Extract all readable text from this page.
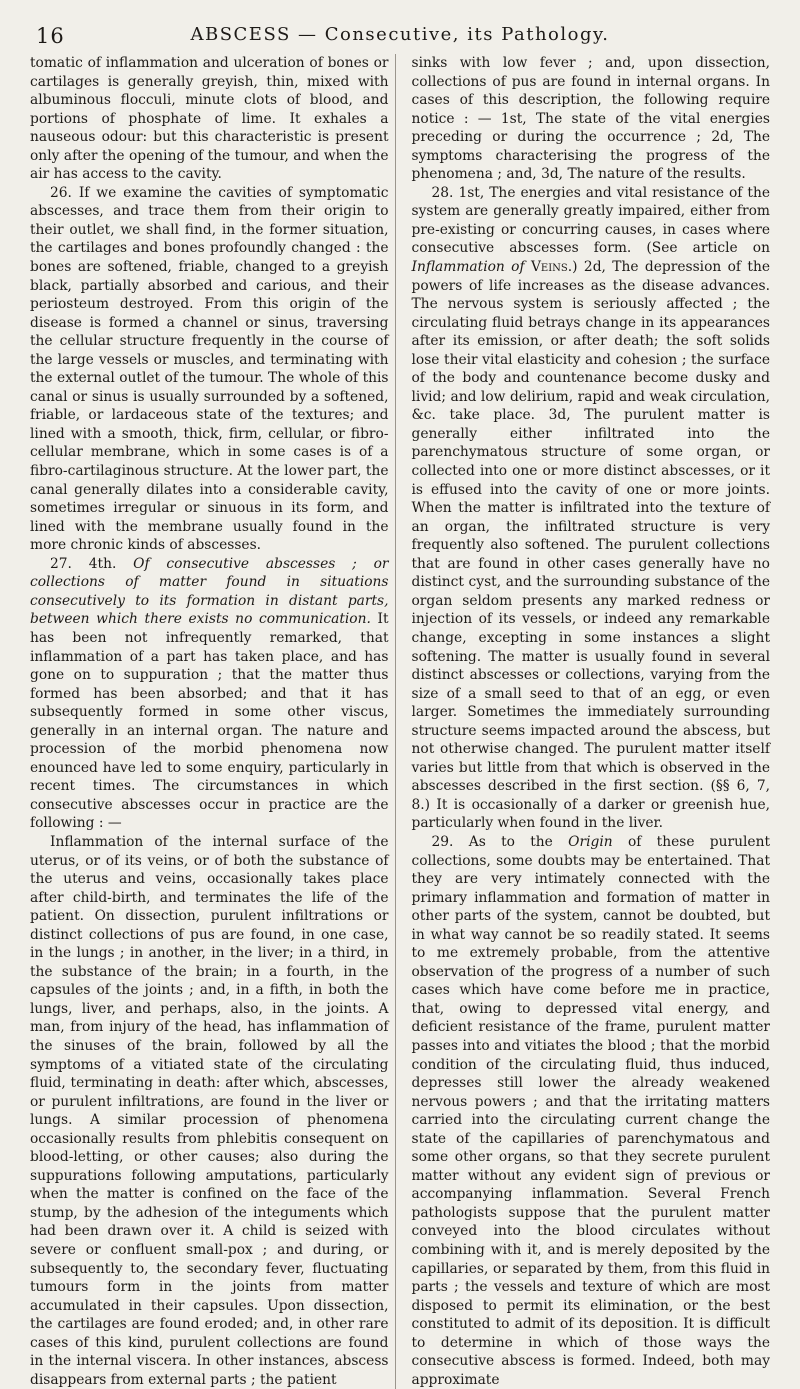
16	ABSCESS — Consecutive, its Pathology.

tomatic of inflammation and ulceration of bones or cartilages is generally greyish, thin, mixed with albuminous flocculi, minute clots of blood, and portions of phosphate of lime. It exhales a nauseous odour: but this characteristic is present only after the opening of the tumour, and when the air has access to the cavity.

26. If we examine the cavities of symptomatic abscesses, and trace them from their origin to their outlet, we shall find, in the former situation, the cartilages and bones profoundly changed : the bones are softened, friable, changed to a greyish black, partially absorbed and carious, and their periosteum destroyed. From this origin of the disease is formed a channel or sinus, traversing the cellular structure frequently in the course of the large vessels or muscles, and terminating with the external outlet of the tumour. The whole of this canal or sinus is usually surrounded by a softened, friable, or lardaceous state of the textures; and lined with a smooth, thick, firm, cellular, or fibro-cellular membrane, which in some cases is of a fibro-cartilaginous structure. At the lower part, the canal generally dilates into a considerable cavity, sometimes irregular or sinuous in its form, and lined with the membrane usually found in the more chronic kinds of abscesses.

27. 4th. Of consecutive abscesses ; or collections of matter found in situations consecutively to its formation in distant parts, between which there exists no communication. It has been not infrequently remarked, that inflammation of a part has taken place, and has gone on to suppuration ; that the matter thus formed has been absorbed; and that it has subsequently formed in some other viscus, generally in an internal organ. The nature and procession of the morbid phenomena now enounced have led to some enquiry, particularly in recent times. The circumstances in which consecutive abscesses occur in practice are the following : —

Inflammation of the internal surface of the uterus, or of its veins, or of both the substance of the uterus and veins, occasionally takes place after child-birth, and terminates the life of the patient. On dissection, purulent infiltrations or distinct collections of pus are found, in one case, in the lungs ; in another, in the liver; in a third, in the substance of the brain; in a fourth, in the capsules of the joints ; and, in a fifth, in both the lungs, liver, and perhaps, also, in the joints. A man, from injury of the head, has inflammation of the sinuses of the brain, followed by all the symptoms of a vitiated state of the circulating fluid, terminating in death: after which, abscesses, or purulent infiltrations, are found in the liver or lungs. A similar procession of phenomena occasionally results from phlebitis consequent on blood-letting, or other causes; also during the suppurations following amputations, particularly when the matter is confined on the face of the stump, by the adhesion of the integuments which had been drawn over it. A child is seized with severe or confluent small-pox ; and during, or subsequently to, the secondary fever, fluctuating tumours form in the joints from matter accumulated in their capsules. Upon dissection, the cartilages are found eroded; and, in other rare cases of this kind, purulent collections are found in the internal viscera. In other instances, abscess disappears from external parts ; the patient

sinks with low fever ; and, upon dissection, collections of pus are found in internal organs. In cases of this description, the following require notice : — 1st, The state of the vital energies preceding or during the occurrence ; 2d, The symptoms characterising the progress of the phenomena ; and, 3d, The nature of the results.

28. 1st, The energies and vital resistance of the system are generally greatly impaired, either from pre-existing or concurring causes, in cases where consecutive abscesses form. (See article on Inflammation of Veins.) 2d, The depression of the powers of life increases as the disease advances. The nervous system is seriously affected ; the circulating fluid betrays change in its appearances after its emission, or after death; the soft solids lose their vital elasticity and cohesion ; the surface of the body and countenance become dusky and livid; and low delirium, rapid and weak circulation, &c. take place. 3d, The purulent matter is generally either infiltrated into the parenchymatous structure of some organ, or collected into one or more distinct abscesses, or it is effused into the cavity of one or more joints. When the matter is infiltrated into the texture of an organ, the infiltrated structure is very frequently also softened. The purulent collections that are found in other cases generally have no distinct cyst, and the surrounding substance of the organ seldom presents any marked redness or injection of its vessels, or indeed any remarkable change, excepting in some instances a slight softening. The matter is usually found in several distinct abscesses or collections, varying from the size of a small seed to that of an egg, or even larger. Sometimes the immediately surrounding structure seems impacted around the abscess, but not otherwise changed. The purulent matter itself varies but little from that which is observed in the abscesses described in the first section. (§§ 6, 7, 8.) It is occasionally of a darker or greenish hue, particularly when found in the liver.

29. As to the Origin of these purulent collections, some doubts may be entertained. That they are very intimately connected with the primary inflammation and formation of matter in other parts of the system, cannot be doubted, but in what way cannot be so readily stated. It seems to me extremely probable, from the attentive observation of the progress of a number of such cases which have come before me in practice, that, owing to depressed vital energy, and deficient resistance of the frame, purulent matter passes into and vitiates the blood ; that the morbid condition of the circulating fluid, thus induced, depresses still lower the already weakened nervous powers ; and that the irritating matters carried into the circulating current change the state of the capillaries of parenchymatous and some other organs, so that they secrete purulent matter without any evident sign of previous or accompanying inflammation. Several French pathologists suppose that the purulent matter conveyed into the blood circulates without combining with it, and is merely deposited by the capillaries, or separated by them, from this fluid in parts ; the vessels and texture of which are most disposed to permit its elimination, or the best constituted to admit of its deposition. It is difficult to determine in which of those ways the consecutive abscess is formed. Indeed, both may approximate
